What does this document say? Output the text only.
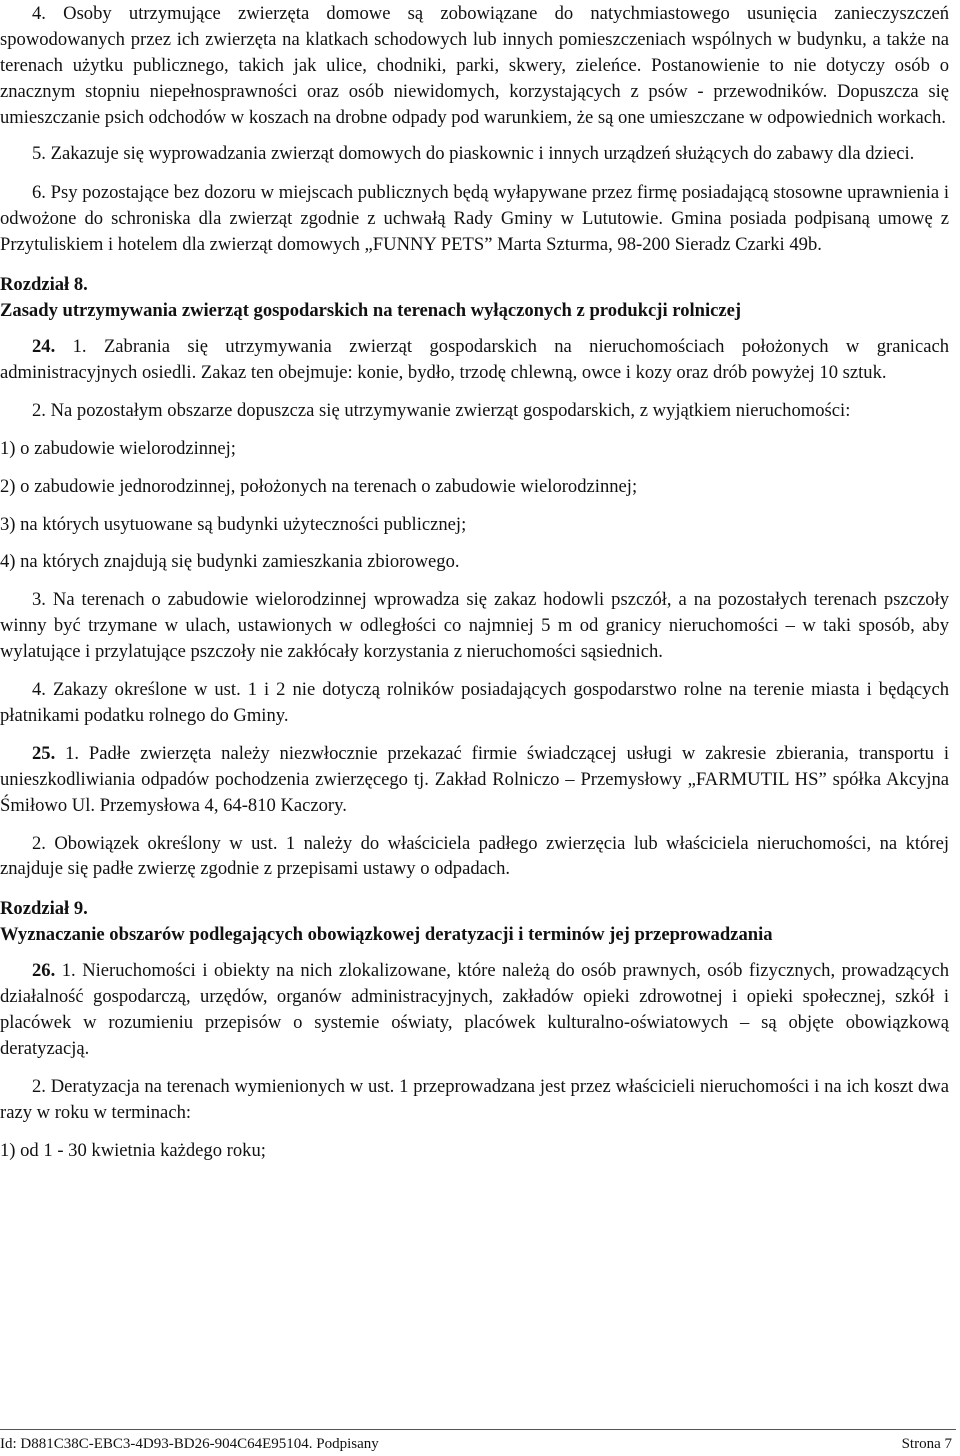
4. Osoby utrzymujące zwierzęta domowe są zobowiązane do natychmiastowego usunięcia zanieczyszczeń spowodowanych przez ich zwierzęta na klatkach schodowych lub innych pomieszczeniach wspólnych w budynku, a także na terenach użytku publicznego, takich jak ulice, chodniki, parki, skwery, zieleńce. Postanowienie to nie dotyczy osób o znacznym stopniu niepełnosprawności oraz osób niewidomych, korzystających z psów - przewodników. Dopuszcza się umieszczanie psich odchodów w koszach na drobne odpady pod warunkiem, że są one umieszczane w odpowiednich workach.

5. Zakazuje się wyprowadzania zwierząt domowych do piaskownic i innych urządzeń służących do zabawy dla dzieci.

6. Psy pozostające bez dozoru w miejscach publicznych będą wyłapywane przez firmę posiadającą stosowne uprawnienia i odwożone do schroniska dla zwierząt zgodnie z uchwałą Rady Gminy w Lututowie. Gmina posiada podpisaną umowę z Przytuliskiem i hotelem dla zwierząt domowych „FUNNY PETS” Marta Szturma, 98-200 Sieradz Czarki 49b.

Rozdział 8.

Zasady utrzymywania zwierząt gospodarskich na terenach wyłączonych z produkcji rolniczej

24. 1. Zabrania się utrzymywania zwierząt gospodarskich na nieruchomościach położonych w granicach administracyjnych osiedli. Zakaz ten obejmuje: konie, bydło, trzodę chlewną, owce i kozy oraz drób powyżej 10 sztuk.

2. Na pozostałym obszarze dopuszcza się utrzymywanie zwierząt gospodarskich, z wyjątkiem nieruchomości:

1) o zabudowie wielorodzinnej;

2) o zabudowie jednorodzinnej, położonych na terenach o zabudowie wielorodzinnej;

3) na których usytuowane są budynki użyteczności publicznej;

4) na których znajdują się budynki zamieszkania zbiorowego.

3. Na terenach o zabudowie wielorodzinnej wprowadza się zakaz hodowli pszczół, a na pozostałych terenach pszczoły winny być trzymane w ulach, ustawionych w odległości co najmniej 5 m od granicy nieruchomości – w taki sposób, aby wylatujące i przylatujące pszczoły nie zakłócały korzystania z nieruchomości sąsiednich.

4. Zakazy określone w ust. 1 i 2 nie dotyczą rolników posiadających gospodarstwo rolne na terenie miasta i będących płatnikami podatku rolnego do Gminy.

25. 1. Padłe zwierzęta należy niezwłocznie przekazać firmie świadczącej usługi w zakresie zbierania, transportu i unieszkodliwiania odpadów pochodzenia zwierzęcego tj. Zakład Rolniczo – Przemysłowy „FARMUTIL HS” spółka Akcyjna Śmiłowo Ul. Przemysłowa 4, 64-810 Kaczory.

2. Obowiązek określony w ust. 1 należy do właściciela padłego zwierzęcia lub właściciela nieruchomości, na której znajduje się padłe zwierzę zgodnie z przepisami ustawy o odpadach.

Rozdział 9.

Wyznaczanie obszarów podlegających obowiązkowej deratyzacji i terminów jej przeprowadzania

26. 1. Nieruchomości i obiekty na nich zlokalizowane, które należą do osób prawnych, osób fizycznych, prowadzących działalność gospodarczą, urzędów, organów administracyjnych, zakładów opieki zdrowotnej i opieki społecznej, szkół i placówek w rozumieniu przepisów o systemie oświaty, placówek kulturalno-oświatowych – są objęte obowiązkową deratyzacją.

2. Deratyzacja na terenach wymienionych w ust. 1 przeprowadzana jest przez właścicieli nieruchomości i na ich koszt dwa razy w roku w terminach:

1) od 1 - 30 kwietnia każdego roku;

Id: D881C38C-EBC3-4D93-BD26-904C64E95104. Podpisany	Strona 7
